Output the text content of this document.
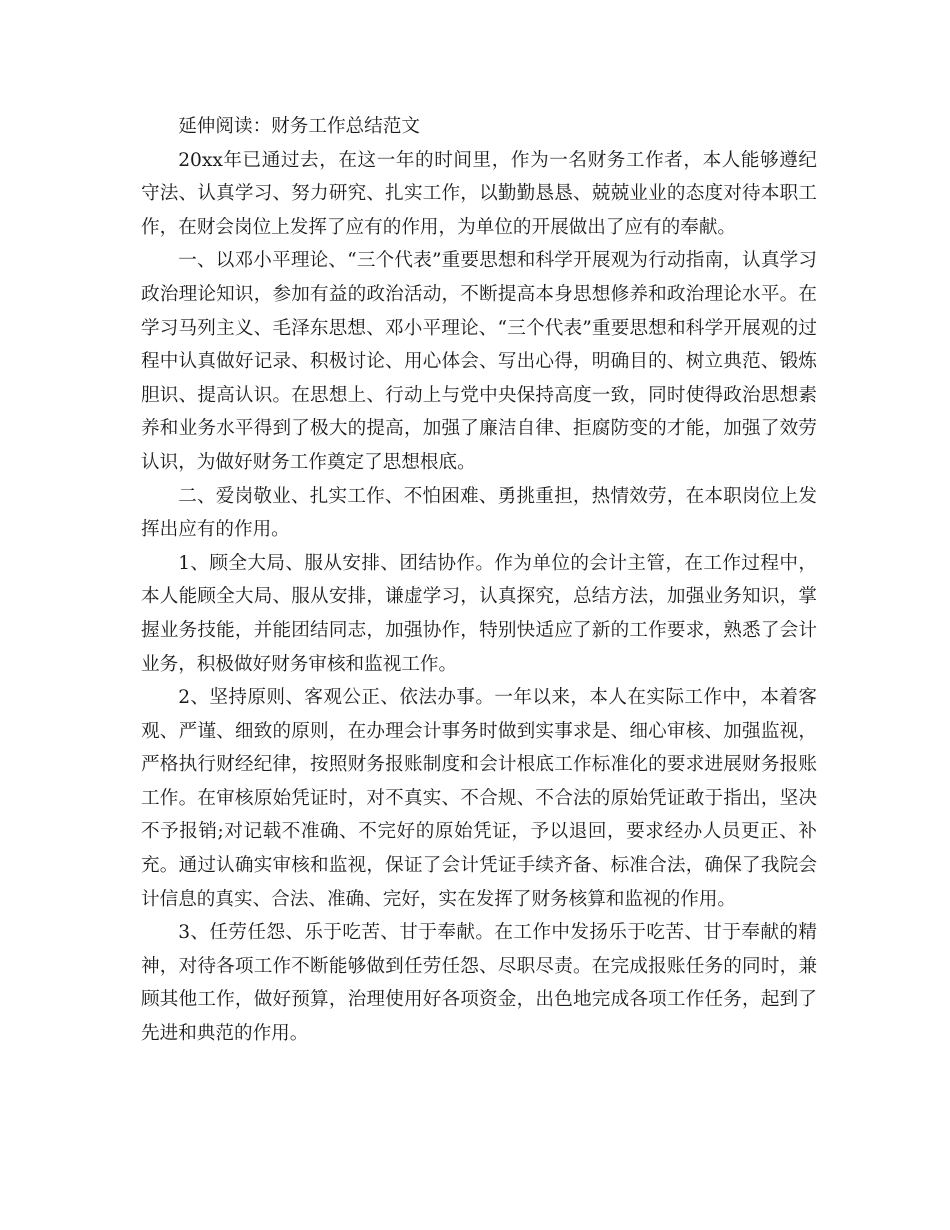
延伸阅读：财务工作总结范文

20xx年已通过去，在这一年的时间里，作为一名财务工作者，本人能够遵纪守法、认真学习、努力研究、扎实工作，以勤勤恳恳、兢兢业业的态度对待本职工作，在财会岗位上发挥了应有的作用，为单位的开展做出了应有的奉献。

一、以邓小平理论、“三个代表”重要思想和科学开展观为行动指南，认真学习政治理论知识，参加有益的政治活动，不断提高本身思想修养和政治理论水平。在学习马列主义、毛泽东思想、邓小平理论、“三个代表”重要思想和科学开展观的过程中认真做好记录、积极讨论、用心体会、写出心得，明确目的、树立典范、锻炼胆识、提高认识。在思想上、行动上与党中央保持高度一致，同时使得政治思想素养和业务水平得到了极大的提高，加强了廉洁自律、拒腐防变的才能，加强了效劳认识，为做好财务工作奠定了思想根底。

二、爱岗敬业、扎实工作、不怕困难、勇挑重担，热情效劳，在本职岗位上发挥出应有的作用。

1、顾全大局、服从安排、团结协作。作为单位的会计主管，在工作过程中，本人能顾全大局、服从安排，谦虚学习，认真探究，总结方法，加强业务知识，掌握业务技能，并能团结同志，加强协作，特别快适应了新的工作要求，熟悉了会计业务，积极做好财务审核和监视工作。

2、坚持原则、客观公正、依法办事。一年以来，本人在实际工作中，本着客观、严谨、细致的原则，在办理会计事务时做到实事求是、细心审核、加强监视，严格执行财经纪律，按照财务报账制度和会计根底工作标准化的要求进展财务报账工作。在审核原始凭证时，对不真实、不合规、不合法的原始凭证敢于指出，坚决不予报销;对记载不准确、不完好的原始凭证，予以退回，要求经办人员更正、补充。通过认确实审核和监视，保证了会计凭证手续齐备、标准合法，确保了我院会计信息的真实、合法、准确、完好，实在发挥了财务核算和监视的作用。

3、任劳任怨、乐于吃苦、甘于奉献。在工作中发扬乐于吃苦、甘于奉献的精神，对待各项工作不断能够做到任劳任怨、尽职尽责。在完成报账任务的同时，兼顾其他工作，做好预算，治理使用好各项资金，出色地完成各项工作任务，起到了先进和典范的作用。
